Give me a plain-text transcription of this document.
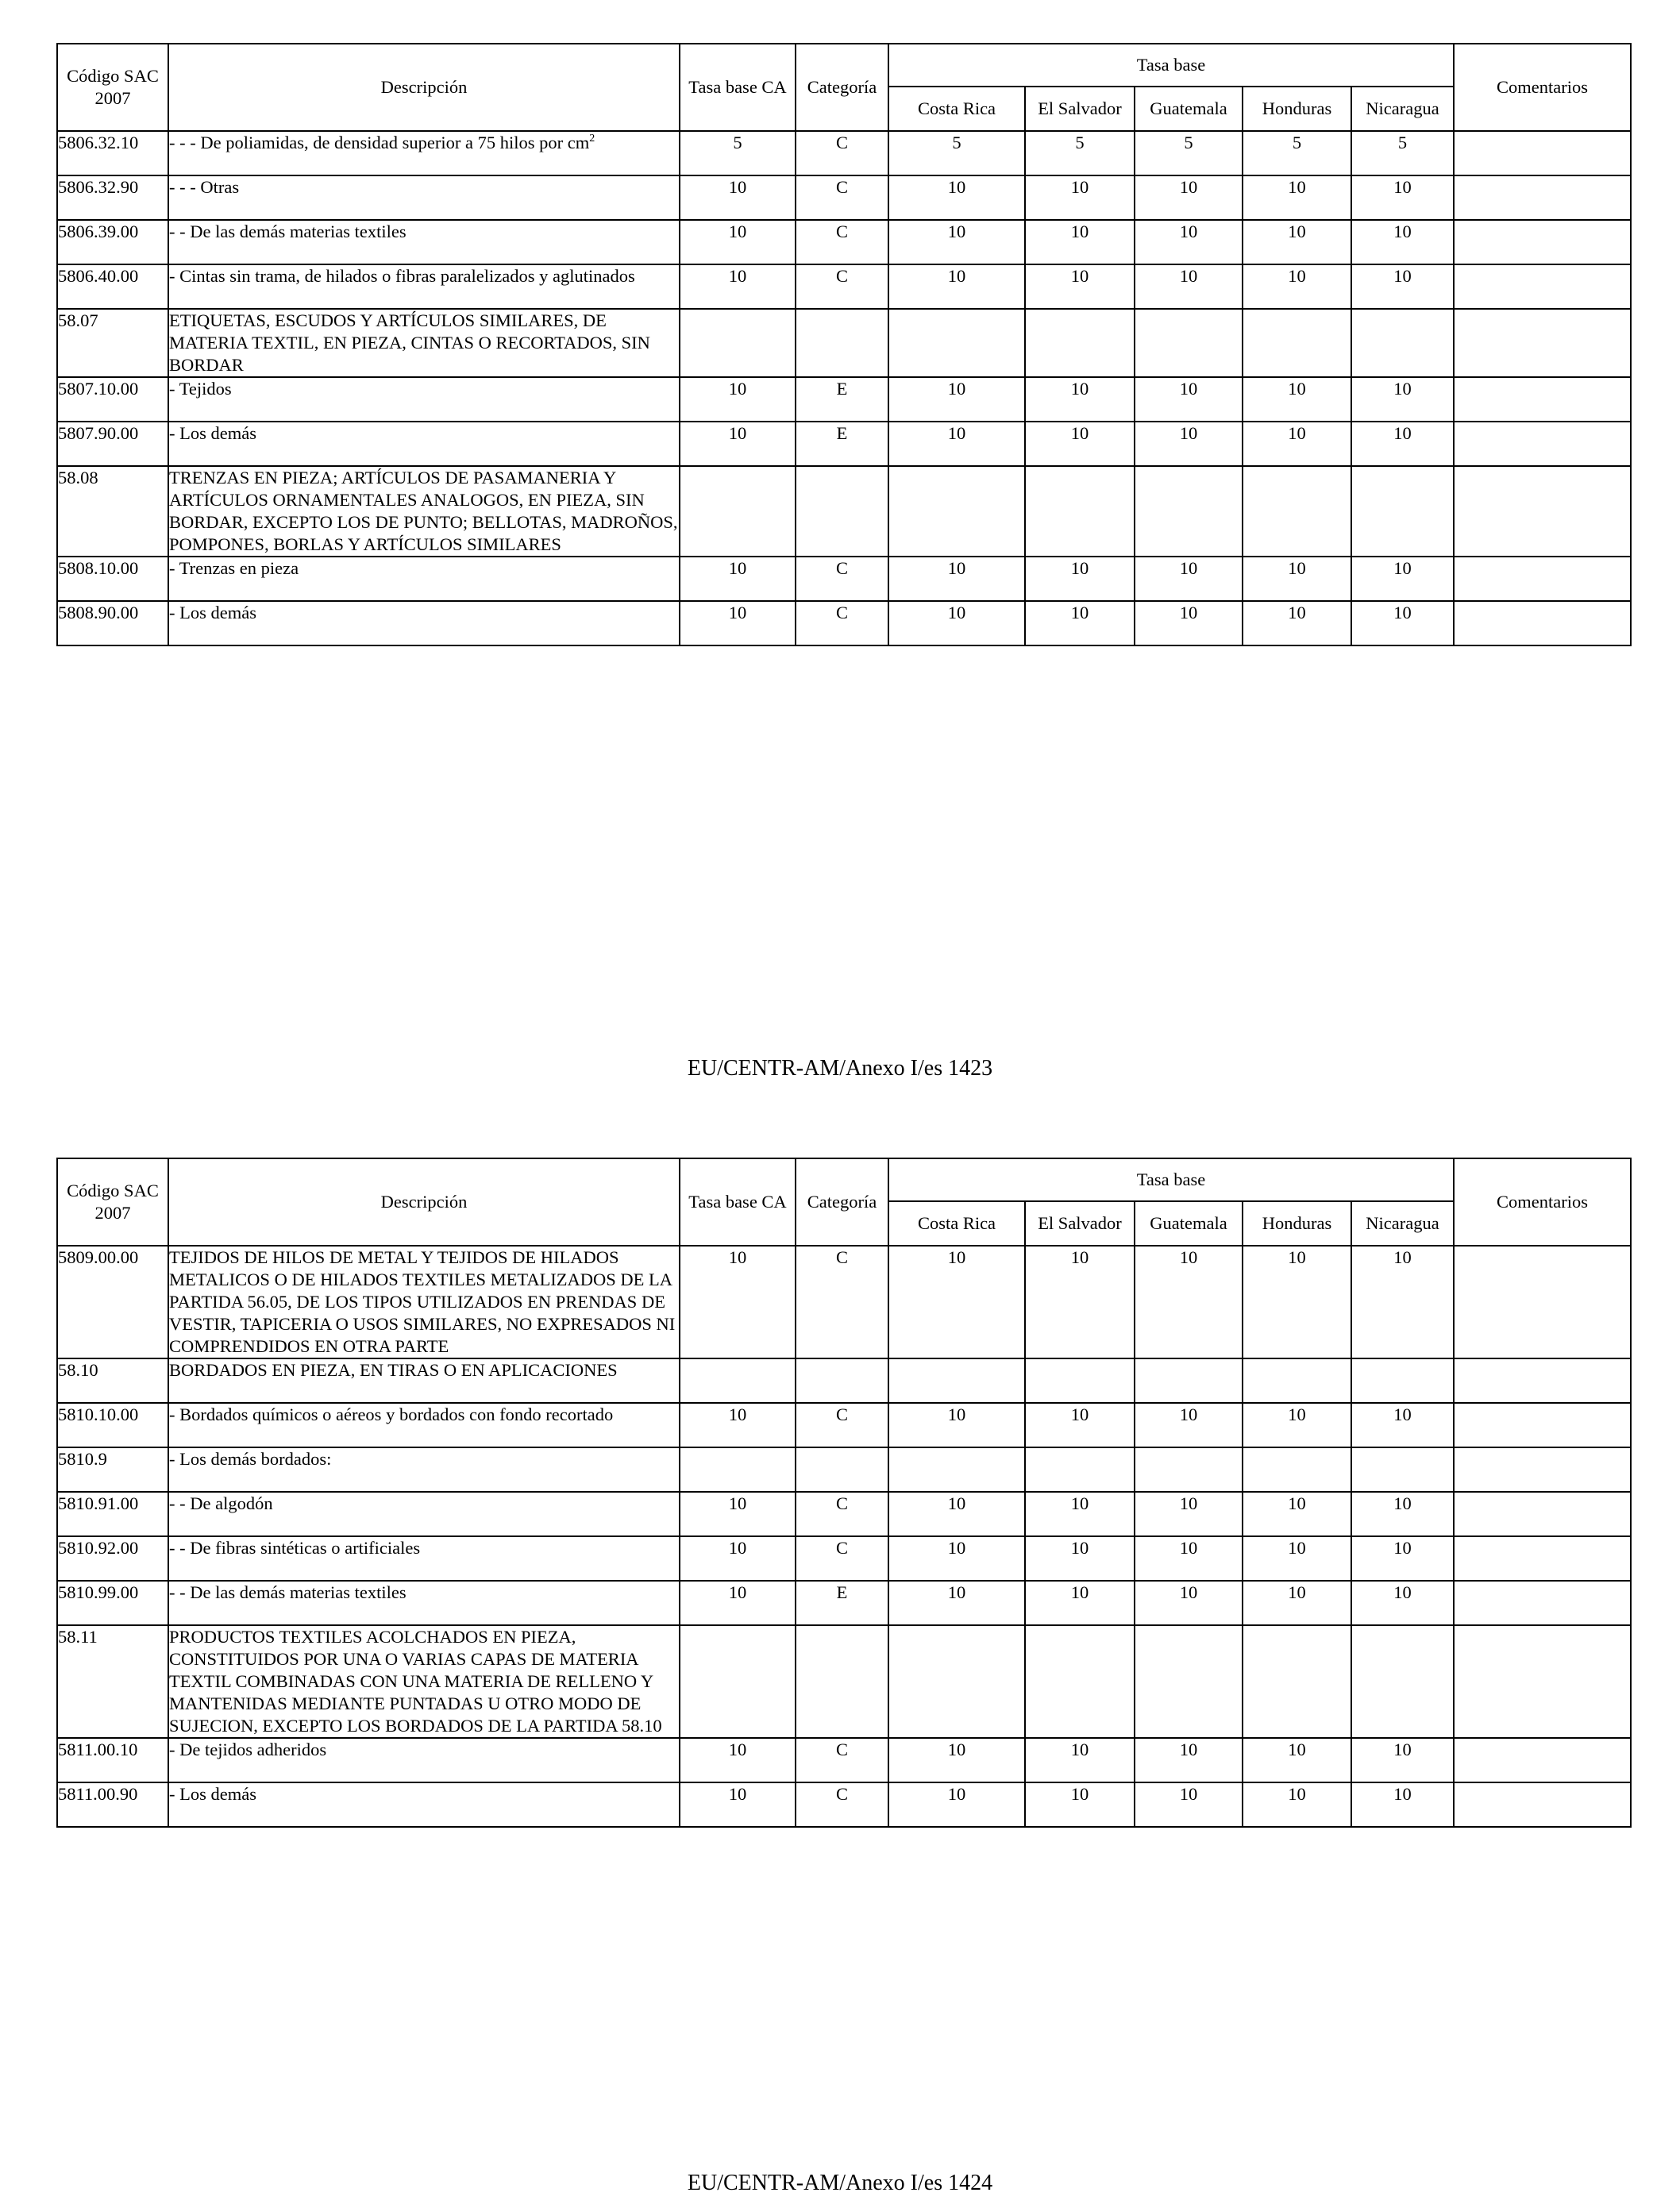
Código SAC 2007	Descripción	Tasa base CA	Categoría	Tasa base					Comentarios
				Costa Rica	El Salvador	Guatemala	Honduras	Nicaragua	
5806.32.10	- - - De poliamidas, de densidad superior a 75 hilos por $cm^2$	5	C	5	5	5	5	5	
5806.32.90	- - - Otras	10	C	10	10	10	10	10	
5806.39.00	- - De las demás materias textiles	10	C	10	10	10	10	10	
5806.40.00	- Cintas sin trama, de hilados o fibras paralelizados y aglutinados	10	C	10	10	10	10	10	
58.07	ETIQUETAS, ESCUDOS Y ARTÍCULOS SIMILARES, DE MATERIA TEXTIL, EN PIEZA, CINTAS O RECORTADOS, SIN BORDAR								
5807.10.00	- Tejidos	10	E	10	10	10	10	10	
5807.90.00	- Los demás	10	E	10	10	10	10	10	
58.08	TRENZAS EN PIEZA; ARTÍCULOS DE PASAMANERIA Y ARTÍCULOS ORNAMENTALES ANALOGOS, EN PIEZA, SIN BORDAR, EXCEPTO LOS DE PUNTO; BELLOTAS, MADROÑOS, POMPONES, BORLAS Y ARTÍCULOS SIMILARES								
5808.10.00	- Trenzas en pieza	10	C	10	10	10	10	10	
5808.90.00	- Los demás	10	C	10	10	10	10	10	
EU/CENTR-AM/Anexo I/es 1423
Código SAC 2007	Descripción	Tasa base CA	Categoría	Tasa base					Comentarios
				Costa Rica	El Salvador	Guatemala	Honduras	Nicaragua	
5809.00.00	TEJIDOS DE HILOS DE METAL Y TEJIDOS DE HILADOS METALICOS O DE HILADOS TEXTILES METALIZADOS DE LA PARTIDA 56.05, DE LOS TIPOS UTILIZADOS EN PRENDAS DE VESTIR, TAPICERIA O USOS SIMILARES, NO EXPRESADOS NI COMPRENDIDOS EN OTRA PARTE	10	C	10	10	10	10	10	
58.10	BORDADOS EN PIEZA, EN TIRAS O EN APLICACIONES								
5810.10.00	- Bordados químicos o aéreos y bordados con fondo recortado	10	C	10	10	10	10	10	
5810.9	- Los demás bordados:								
5810.91.00	- - De algodón	10	C	10	10	10	10	10	
5810.92.00	- - De fibras sintéticas o artificiales	10	C	10	10	10	10	10	
5810.99.00	- - De las demás materias textiles	10	E	10	10	10	10	10	
58.11	PRODUCTOS TEXTILES ACOLCHADOS EN PIEZA, CONSTITUIDOS POR UNA O VARIAS CAPAS DE MATERIA TEXTIL COMBINADAS CON UNA MATERIA DE RELLENO Y MANTENIDAS MEDIANTE PUNTADAS U OTRO MODO DE SUJECION, EXCEPTO LOS BORDADOS DE LA PARTIDA 58.10								
5811.00.10	- De tejidos adheridos	10	C	10	10	10	10	10	
5811.00.90	- Los demás	10	C	10	10	10	10	10	
EU/CENTR-AM/Anexo I/es 1424
